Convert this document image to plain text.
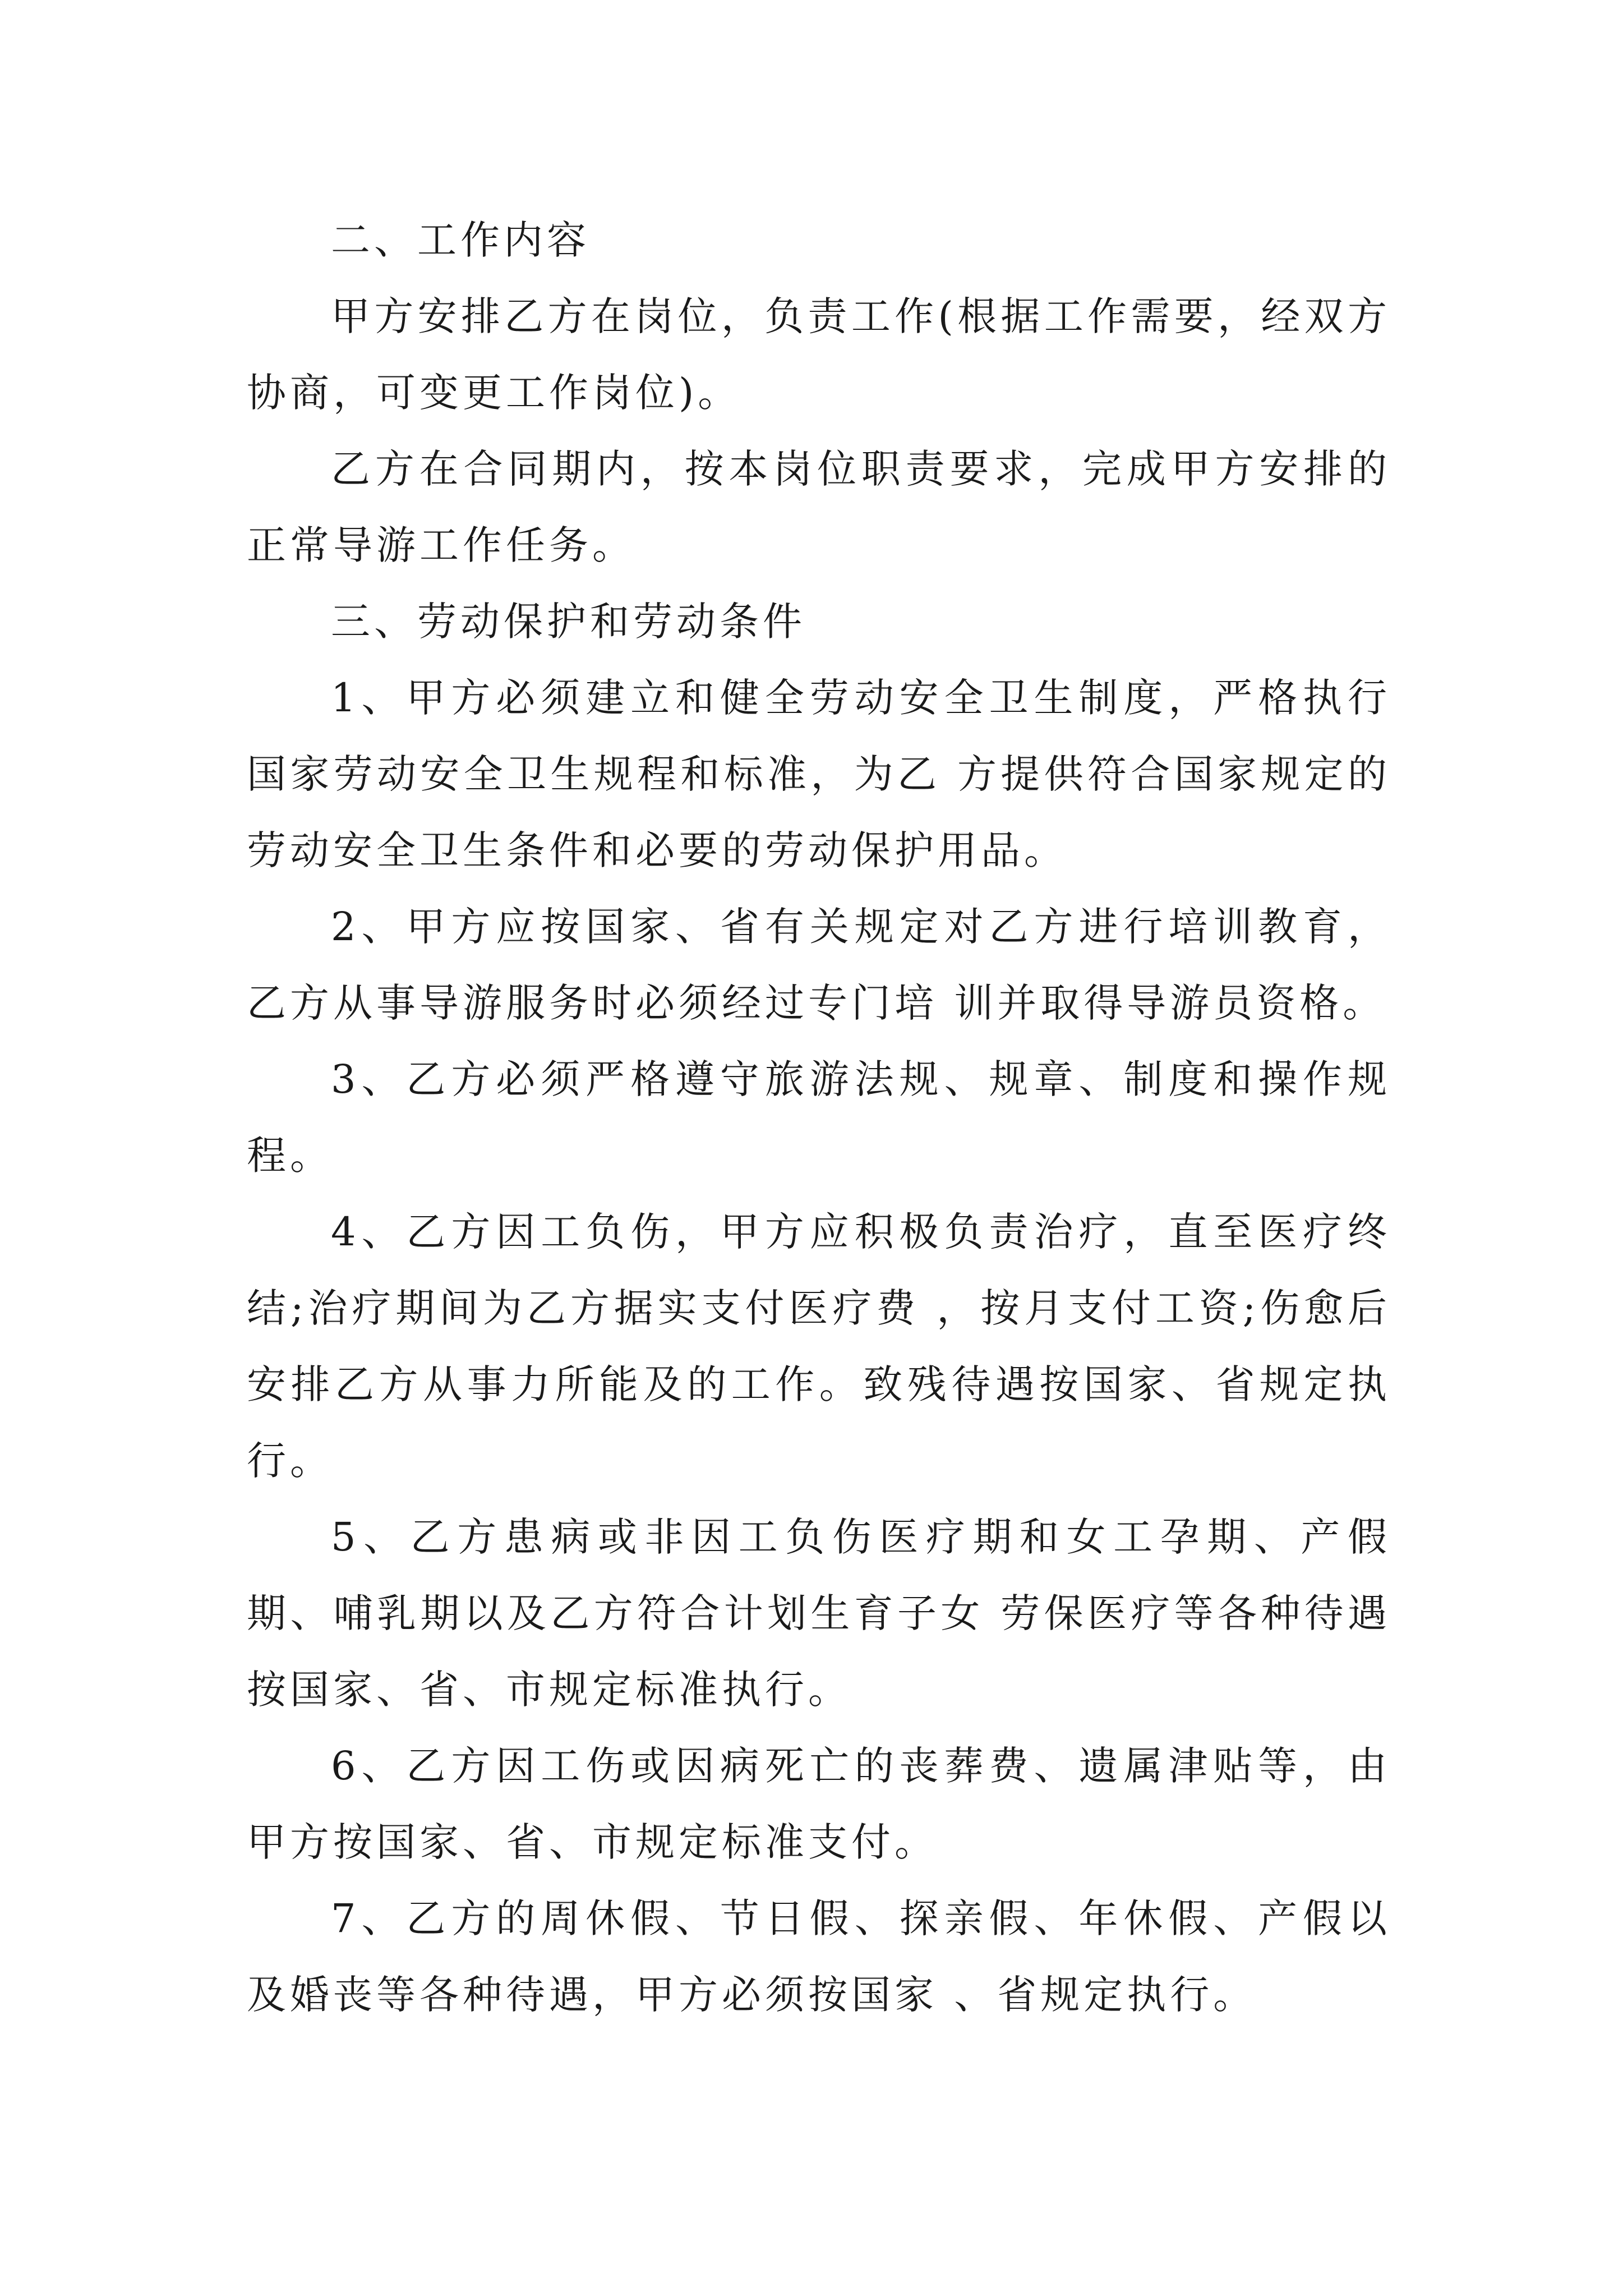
二、工作内容

甲方安排乙方在岗位，负责工作(根据工作需要，经双方协商，可变更工作岗位)。

乙方在合同期内，按本岗位职责要求，完成甲方安排的正常导游工作任务。

三、劳动保护和劳动条件

1、甲方必须建立和健全劳动安全卫生制度，严格执行国家劳动安全卫生规程和标准，为乙 方提供符合国家规定的劳动安全卫生条件和必要的劳动保护用品。

2、甲方应按国家、省有关规定对乙方进行培训教育，乙方从事导游服务时必须经过专门培 训并取得导游员资格。

3、乙方必须严格遵守旅游法规、规章、制度和操作规程。

4、乙方因工负伤，甲方应积极负责治疗，直至医疗终结;治疗期间为乙方据实支付医疗费 ，按月支付工资;伤愈后安排乙方从事力所能及的工作。致残待遇按国家、省规定执行。

5、乙方患病或非因工负伤医疗期和女工孕期、产假期、哺乳期以及乙方符合计划生育子女 劳保医疗等各种待遇按国家、省、市规定标准执行。

6、乙方因工伤或因病死亡的丧葬费、遗属津贴等，由甲方按国家、省、市规定标准支付。

7、乙方的周休假、节日假、探亲假、年休假、产假以及婚丧等各种待遇，甲方必须按国家 、省规定执行。
